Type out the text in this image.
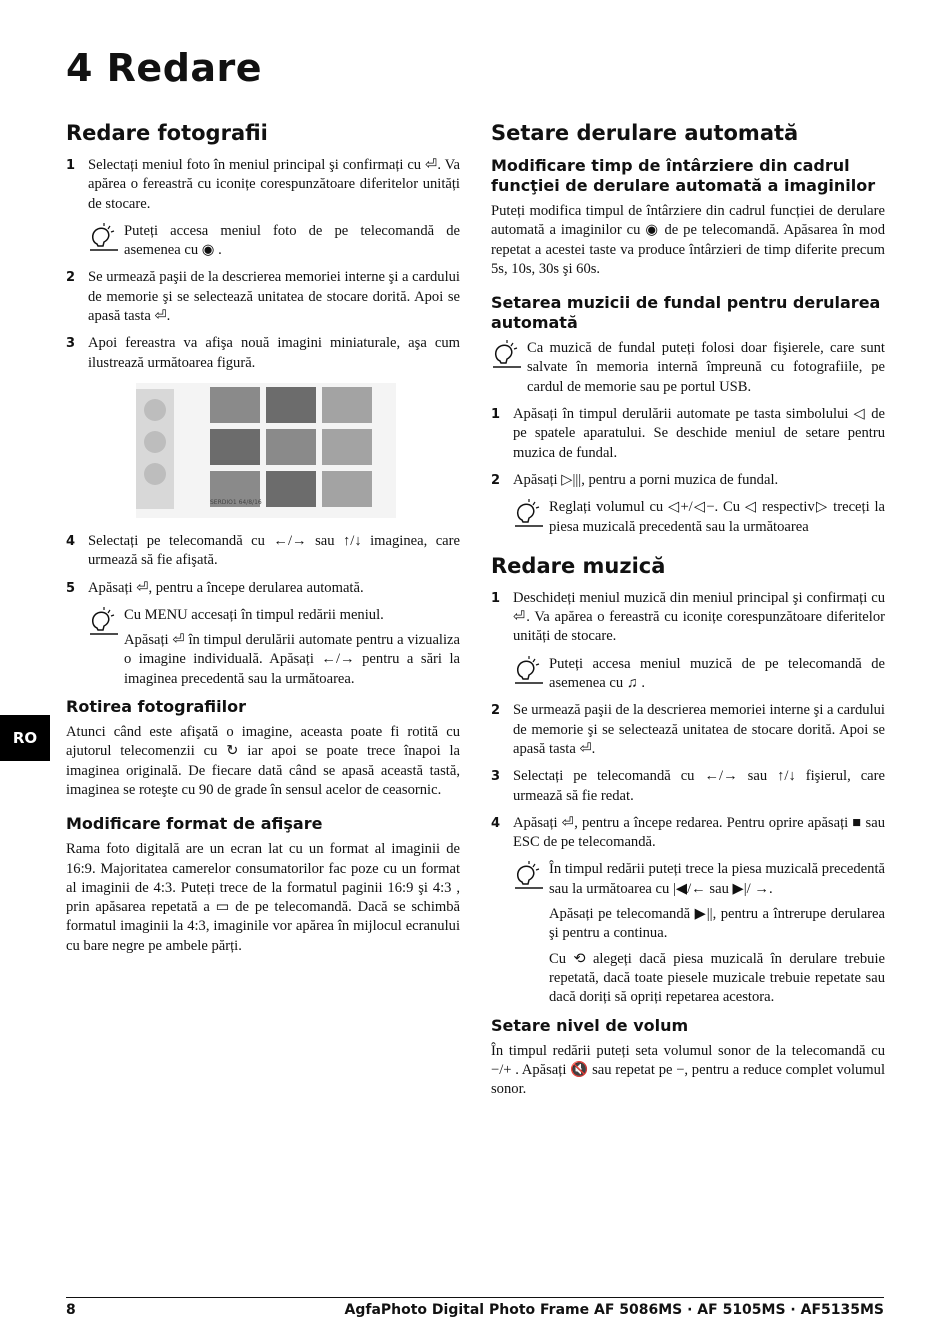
4 Redare
Redare fotografii
1 Selectați meniul foto în meniul principal şi confirmați cu ⏎. Va apărea o fereastră cu iconițe corespunzătoare diferitelor unități de stocare.

Puteți accesa meniul foto de pe telecomandă de asemenea cu ◉ .

2 Se urmează paşii de la descrierea memoriei interne şi a cardului de memorie şi se selectează unitatea de stocare dorită. Apoi se apasă tasta ⏎.
3 Apoi fereastra va afişa nouă imagini miniaturale, aşa cum ilustrează următoarea figură.
SERDIO1 64/8/16
4 Selectați pe telecomandă cu ←/→ sau ↑/↓ imaginea, care urmează să fie afişată.
5 Apăsați ⏎, pentru a începe derularea automată.

Cu MENU accesați în timpul redării meniul.

Apăsați ⏎ în timpul derulării automate pentru a vizualiza o imagine individuală. Apăsați ←/→ pentru a sări la imaginea precedentă sau la următoarea.

Rotirea fotografiilor

Atunci când este afişată o imagine, aceasta poate fi rotită cu ajutorul telecomenzii cu ↻ iar apoi se poate trece înapoi la imaginea originală. De fiecare dată când se apasă această tastă, imaginea se roteşte cu 90 de grade în sensul acelor de ceasornic.

Modificare format de afişare

Rama foto digitală are un ecran lat cu un format al imaginii de 16:9. Majoritatea camerelor consumatorilor fac poze cu un format al imaginii de 4:3. Puteți trece de la formatul paginii 16:9 şi 4:3 , prin apăsarea repetată a ▭ de pe telecomandă. Dacă se schimbă formatul imaginii la 4:3, imaginile vor apărea în mijlocul ecranului cu bare negre pe ambele părți.

Setare derulare automată
Modificare timp de întârziere din cadrul funcţiei de derulare automată a imaginilor

Puteți modifica timpul de întârziere din cadrul funcției de derulare automată a imaginilor cu ◉ de pe telecomandă. Apăsarea în mod repetat a acestei taste va produce întârzieri de timp diferite precum 5s, 10s, 30s şi 60s.

Setarea muzicii de fundal pentru derularea automată

Ca muzică de fundal puteți folosi doar fişierele, care sunt salvate în memoria internă împreună cu fotografiile, pe cardul de memorie sau pe portul USB.

1 Apăsați în timpul derulării automate pe tasta simbolului ◁ de pe spatele aparatului. Se deschide meniul de setare pentru muzica de fundal.
2 Apăsați ▷|||, pentru a porni muzica de fundal.

Reglați volumul cu ◁+/◁−. Cu ◁ respectiv▷ treceți la piesa muzicală precedentă sau la următoarea

Redare muzică
1 Deschideți meniul muzică din meniul principal şi confirmați cu ⏎. Va apărea o fereastră cu iconițe corespunzătoare diferitelor unități de stocare.

Puteți accesa meniul muzică de pe telecomandă de asemenea cu ♫ .

2 Se urmează paşii de la descrierea memoriei interne şi a cardului de memorie şi se selectează unitatea de stocare dorită. Apoi se apasă tasta ⏎.
3 Selectați pe telecomandă cu ←/→ sau ↑/↓ fişierul, care urmează să fie redat.
4 Apăsați ⏎, pentru a începe redarea. Pentru oprire apăsați ■ sau ESC de pe telecomandă.

În timpul redării puteți trece la piesa muzicală precedentă sau la următoarea cu |◀/← sau ▶|/ →.

Apăsați pe telecomandă ▶||, pentru a întrerupe derularea şi pentru a continua.

Cu ⟲ alegeți dacă piesa muzicală în derulare trebuie repetată, dacă toate piesele muzicale trebuie repetate sau dacă doriți să opriți repetarea acestora.

Setare nivel de volum

În timpul redării puteți seta volumul sonor de la telecomandă cu −/+ . Apăsați 🔇 sau repetat pe −, pentru a reduce complet volumul sonor.

RO
8	AgfaPhoto Digital Photo Frame AF 5086MS · AF 5105MS · AF5135MS
